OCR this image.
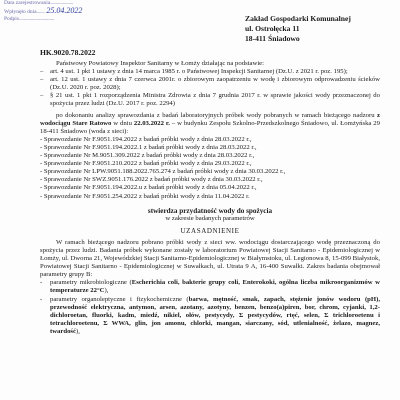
Data zarejestrowania ..........................
Wpłynęło dnia ......... 25.04.2022
Podpis ........................................	Zakład Gospodarki Komunalnej
ul. Ostrołęcka 11
18-411 Śniadowo
HK.9020.78.2022

Państwowy Powiatowy Inspektor Sanitarny w Łomży działając na podstawie:

– art. 4 ust. 1 pkt 1 ustawy z dnia 14 marca 1985 r. o Państwowej Inspekcji Sanitarnej (Dz.U. z 2021 r. poz. 195);
– art. 12 ust. 1 ustawy z dnia 7 czerwca 2001r. o zbiorowym zaopatrzeniu w wodę i zbiorowym odprowadzeniu ścieków (Dz.U. 2020 r. poz. 2028);
– § 21 ust. 1 pkt 1 rozporządzenia Ministra Zdrowia z dnia 7 grudnia 2017 r. w sprawie jakości wody przeznaczonej do spożycia przez ludzi (Dz.U. 2017 r. poz. 2294)

po dokonaniu analizy sprawozdania z badań laboratoryjnych próbek wody pobranych w ramach bieżącego nadzoru z wodociągu Stare Ratowo w dniu 22.03.2022 r. – w budynku Zespołu Szkolno-Przedszkolnego Śniadowo, ul. Łomżyńska 29 18-411 Śniadowo (woda z sieci):

- Sprawozdanie Nr F.9051.194.2022 z badań próbki wody z dnia 28.03.2022 r.,
- Sprawozdanie Nr F.9051.194.2022.1 z badań próbki wody z dnia 28.03.2022 r.,
- Sprawozdanie Nr M.9051.309.2022 z badań próbki wody z dnia 28.03.2022 r.,
- Sprawozdanie Nr F.9051.210.2022 z badań próbki wody z dnia 29.03.2022 r.,
- Sprawozdanie Nr LPW.9051.188.2022.765.274 z badań próbki wody z dnia 30.03.2022 r.,
- Sprawozdanie Nr SWZ.9051.176.2022 z badań próbki wody z dnia 30.03.2022 r.,
- Sprawozdanie Nr F.9051.194.2022.u z badań próbki wody z dnia 05.04.2022 r.,
- Sprawozdanie Nr F.9051.254.2022 z badań próbki wody z dnia 11.04.2022 r.
stwierdza przydatność wody do spożycia
w zakresie badanych parametrów
UZASADNIENIE

W ramach bieżącego nadzoru pobrano próbki wody z sieci ww. wodociągu dostarczającego wodę przeznaczoną do spożycia przez ludzi. Badania próbek wykonane zostały w laboratorium Powiatowej Stacji Sanitarno - Epidemiologicznej w Łomży, ul. Dworna 21, Wojewódzkiej Stacji Sanitarno-Epidemiologicznej w Białymstoku, ul. Legionowa 8, 15-099 Białystok, Powiatowej Stacji Sanitarno - Epidemiologicznej w Suwałkach, ul. Utrata 9 A, 16-400 Suwałki. Zakres badania obejmował parametry grupy B:

-	parametry mikrobiologiczne (Escherichia coli, bakterie grupy coli, Enterokoki, ogólna liczba mikroorganizmów w temperaturze 22°C),
-	parametry organoleptyczne i fizykochemiczne (barwa, mętność, smak, zapach, stężenie jonów wodoru (pH), przewodność elektryczna, antymon, arsen, azotany, azotyny, benzen, benzo(a)piren, bor, chrom, cyjanki, 1,2-dichloroetan, fluorki, kadm, miedź, nikiel, ołów, pestycydy, Σ pestycydów, rtęć, selen, Σ trichloroetenu i tetrachloroetenu, Σ WWA, glin, jon amonu, chlorki, mangan, siarczany, sód, utlenialność, żelazo, magnez, twardość),
